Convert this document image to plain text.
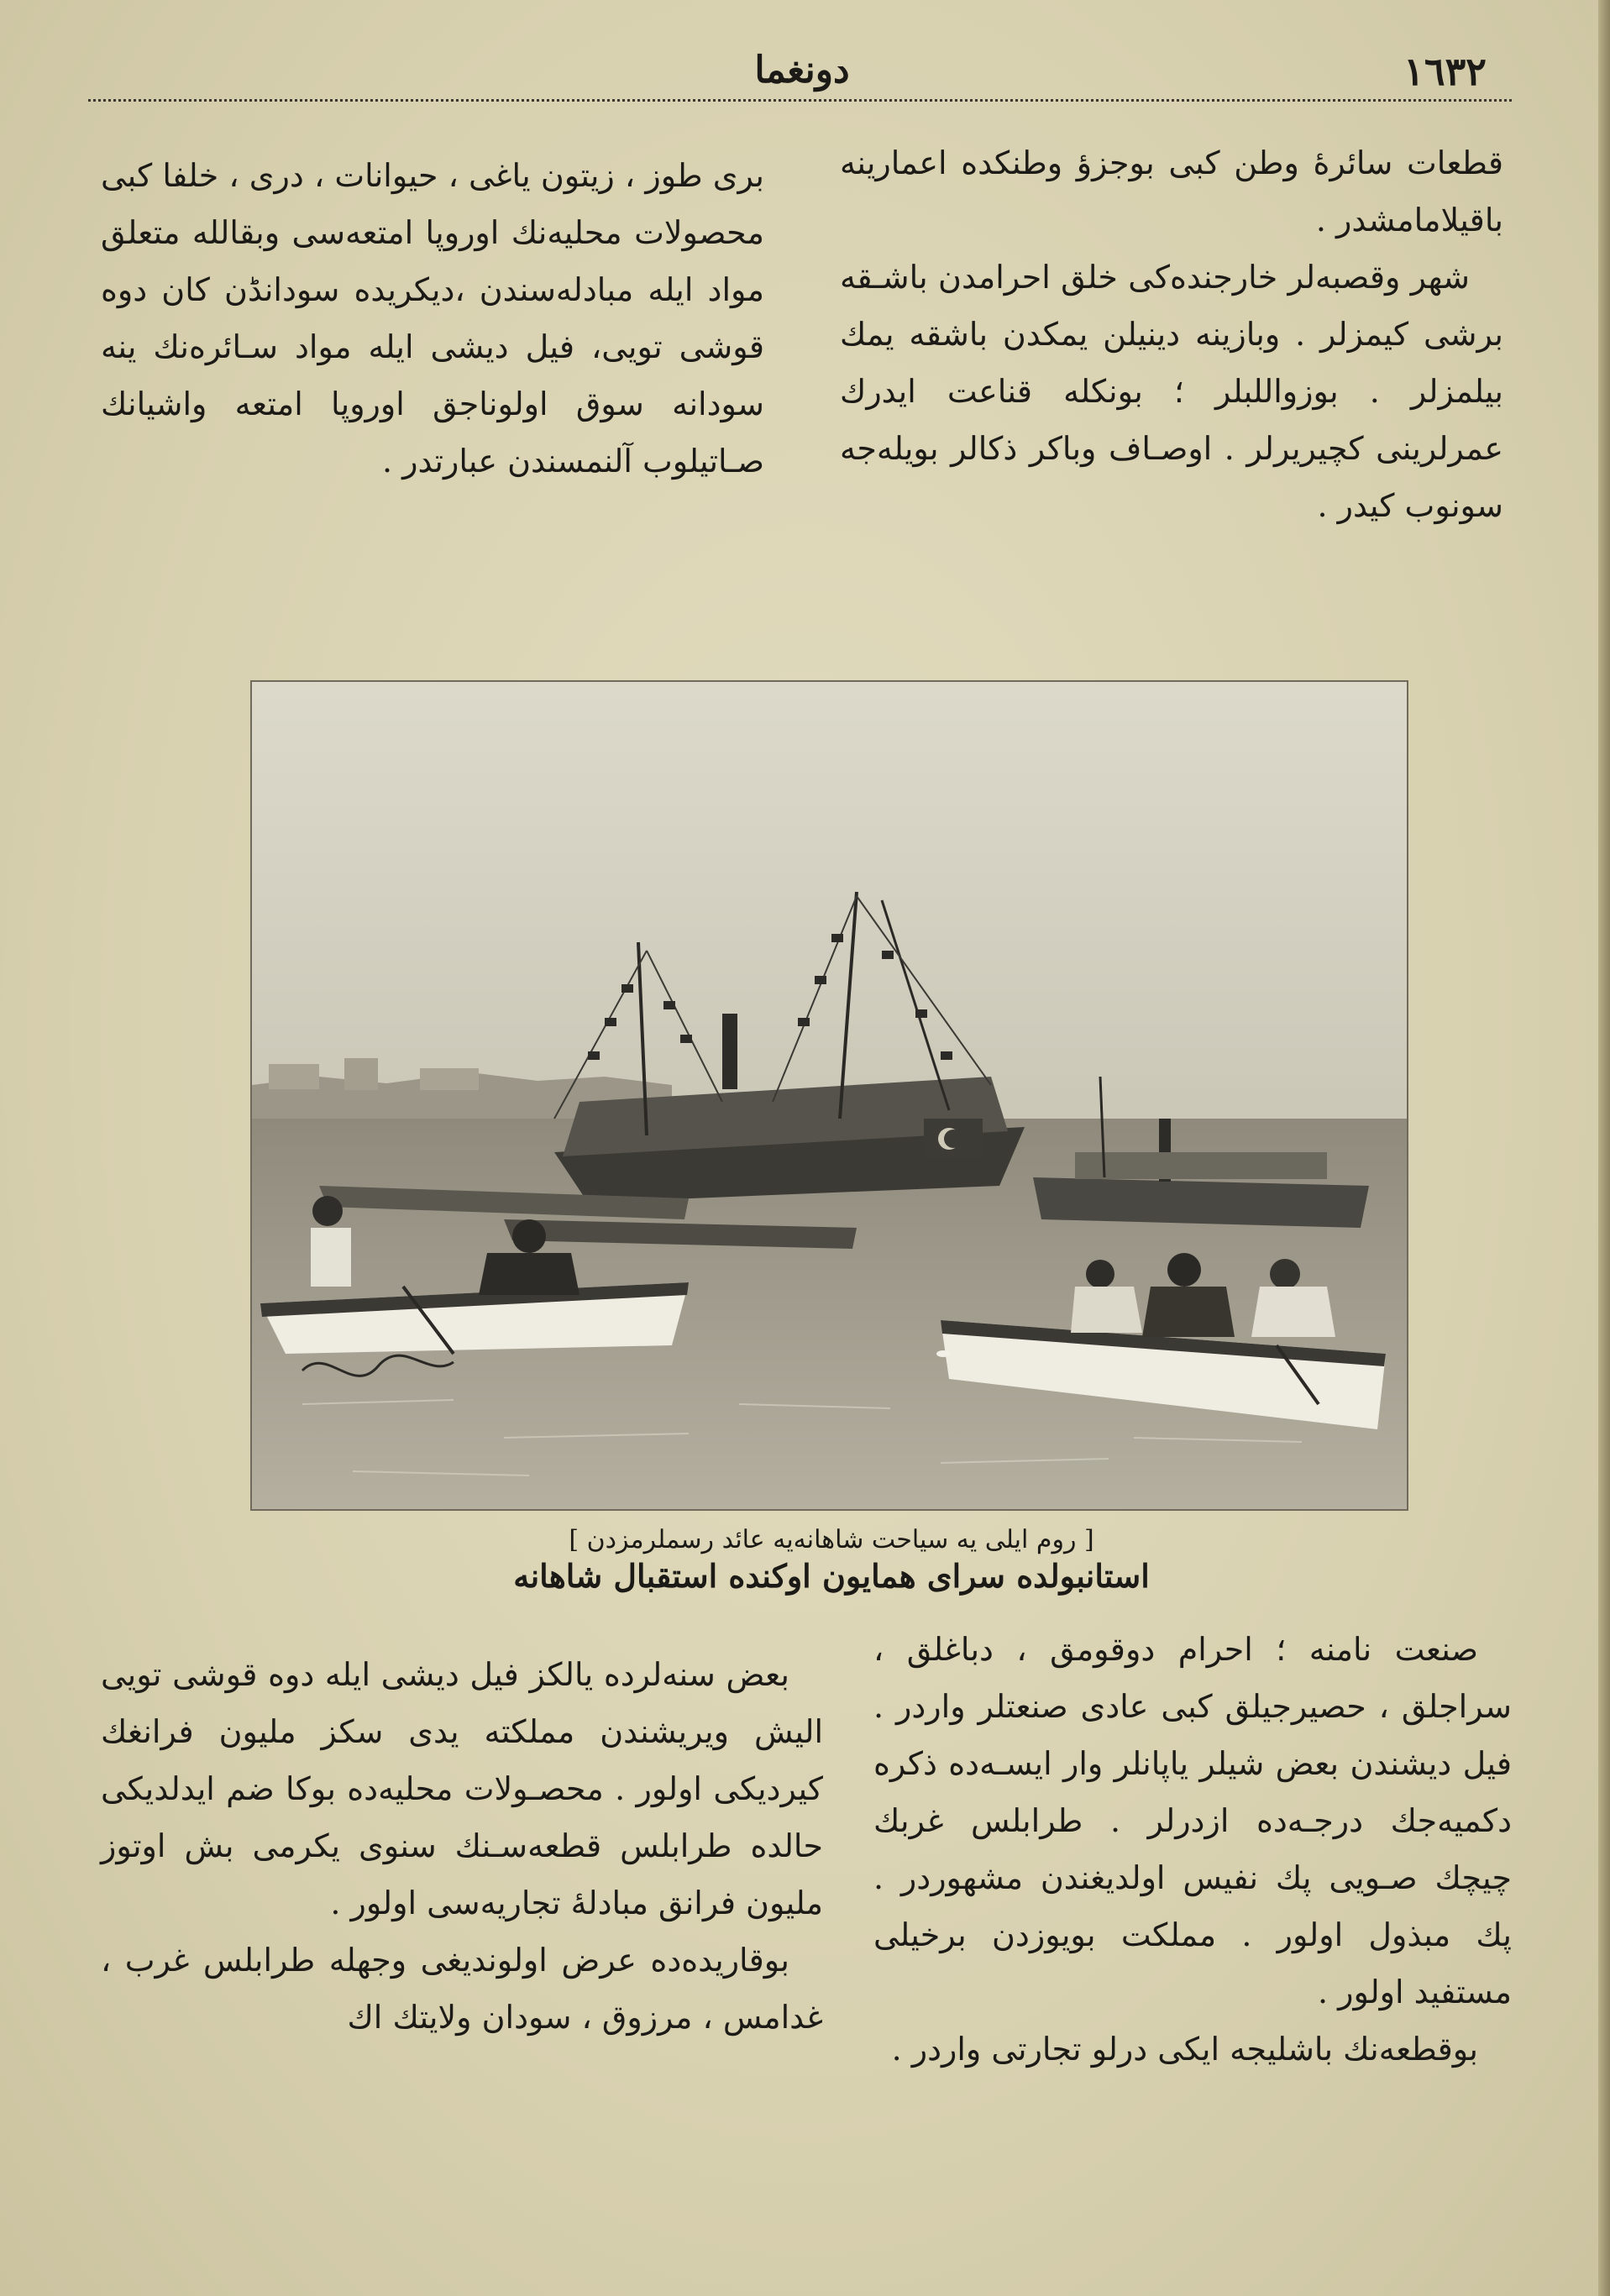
١٦٣٢
دونغما

قطعات سائرهٔ وطن كبى بوجزؤ وطنكده اعمارينه باقيلامامشدر .

شهر وقصبه‌لر خارجنده‌كى خلق احرامدن باشـقه برشى كيمزلر . وبازينه دينيلن يمكدن باشقه يمك بيلمزلر . بوزواللبلر ؛ بونكله قناعت ايدرك عمرلرينى كچيريرلر . اوصـاف وباكر ذكالر بويله‌جه سونوب كيدر .

برى طوز ، زيتون ياغى ، حيوانات ، درى ، خلفا كبى محصولات محليه‌نك اوروپا امتعه‌سى وبقالله متعلق مواد ايله مبادله‌سندن ،ديكريده سودانڈن كان دوه قوشى تويى، فيل ديشى ايله مواد سـائره‌نك ينه سودانه سوق اولوناجق اوروپا امتعه واشيانك صـاتيلوب آلنمسندن عبارتدر .

[ روم ايلى يه سياحت شاهانه‌يه عائد رسملرمزدن ]
استانبولده سراى همايون اوكنده استقبال شاهانه

صنعت نامنه ؛ احرام دوقومق ، دباغلق ، سراجلق ، حصيرجيلق كبى عادى صنعتلر واردر . فيل ديشندن بعض شيلر ياپانلر وار ايسـه‌ده ذكره دكميه‌جك درجـه‌ده ازدرلر . طرابلس غربك چيچك صـويى پك نفيس اولديغندن مشهوردر . پك مبذول اولور . مملكت بويوزدن برخيلى مستفيد اولور .

بوقطعه‌نك باشليجه ايكى درلو تجارتى واردر .

بعض سنه‌لرده يالكز فيل ديشى ايله دوه قوشى تويى اليش ويريشندن مملكته يدى سكز مليون فرانغك كيرديكى اولور . محصـولات محليه‌ده بوكا ضم ايدلديكى حالده طرابلس قطعه‌سـنك سنوى يكرمى بش اوتوز مليون فرانق مبادلهٔ تجاريه‌سى اولور .

بوقاريده‌ده عرض اولونديغى وجهله طرابلس غرب ، غدامس ، مرزوق ، سودان ولايتك اك
